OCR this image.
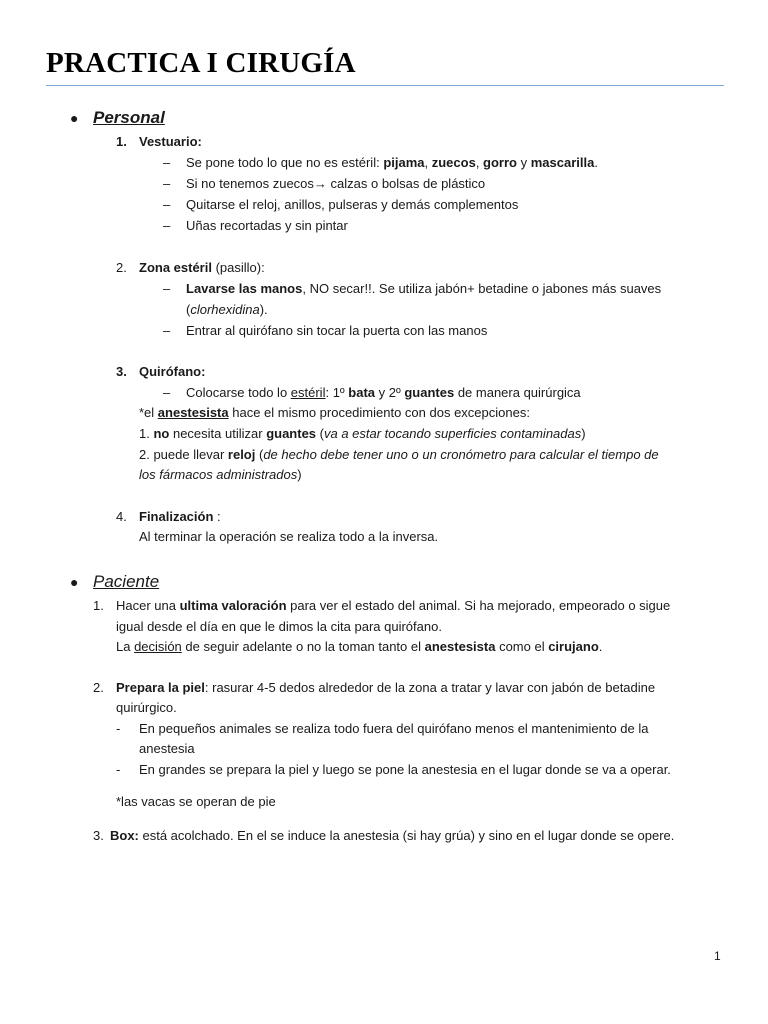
PRACTICA I CIRUGÍA
● Personal
1. Vestuario:
– Se pone todo lo que no es estéril: pijama, zuecos, gorro y mascarilla.
– Si no tenemos zuecos→ calzas o bolsas de plástico
– Quitarse el reloj, anillos, pulseras y demás complementos
– Uñas recortadas y sin pintar
2. Zona estéril (pasillo):
– Lavarse las manos, NO secar!!. Se utiliza jabón+ betadine o jabones más suaves
(clorhexidina).
– Entrar al quirófano sin tocar la puerta con las manos
3. Quirófano:
– Colocarse todo lo estéril: 1º bata y 2º guantes de manera quirúrgica
*el anestesista hace el mismo procedimiento con dos excepciones:
1. no necesita utilizar guantes (va a estar tocando superficies contaminadas)
2. puede llevar reloj (de hecho debe tener uno o un cronómetro para calcular el tiempo de
los fármacos administrados)
4. Finalización :
Al terminar la operación se realiza todo a la inversa.
● Paciente
1. Hacer una ultima valoración para ver el estado del animal. Si ha mejorado, empeorado o sigue
igual desde el día en que le dimos la cita para quirófano.
La decisión de seguir adelante o no la toman tanto el anestesista como el cirujano.
2. Prepara la piel: rasurar 4-5 dedos alrededor de la zona a tratar y lavar con jabón de betadine
quirúrgico.
- En pequeños animales se realiza todo fuera del quirófano menos el mantenimiento de la
anestesia
- En grandes se prepara la piel y luego se pone la anestesia en el lugar donde se va a operar.
*las vacas se operan de pie
3. Box: está acolchado. En el se induce la anestesia (si hay grúa) y sino en el lugar donde se opere.
1
